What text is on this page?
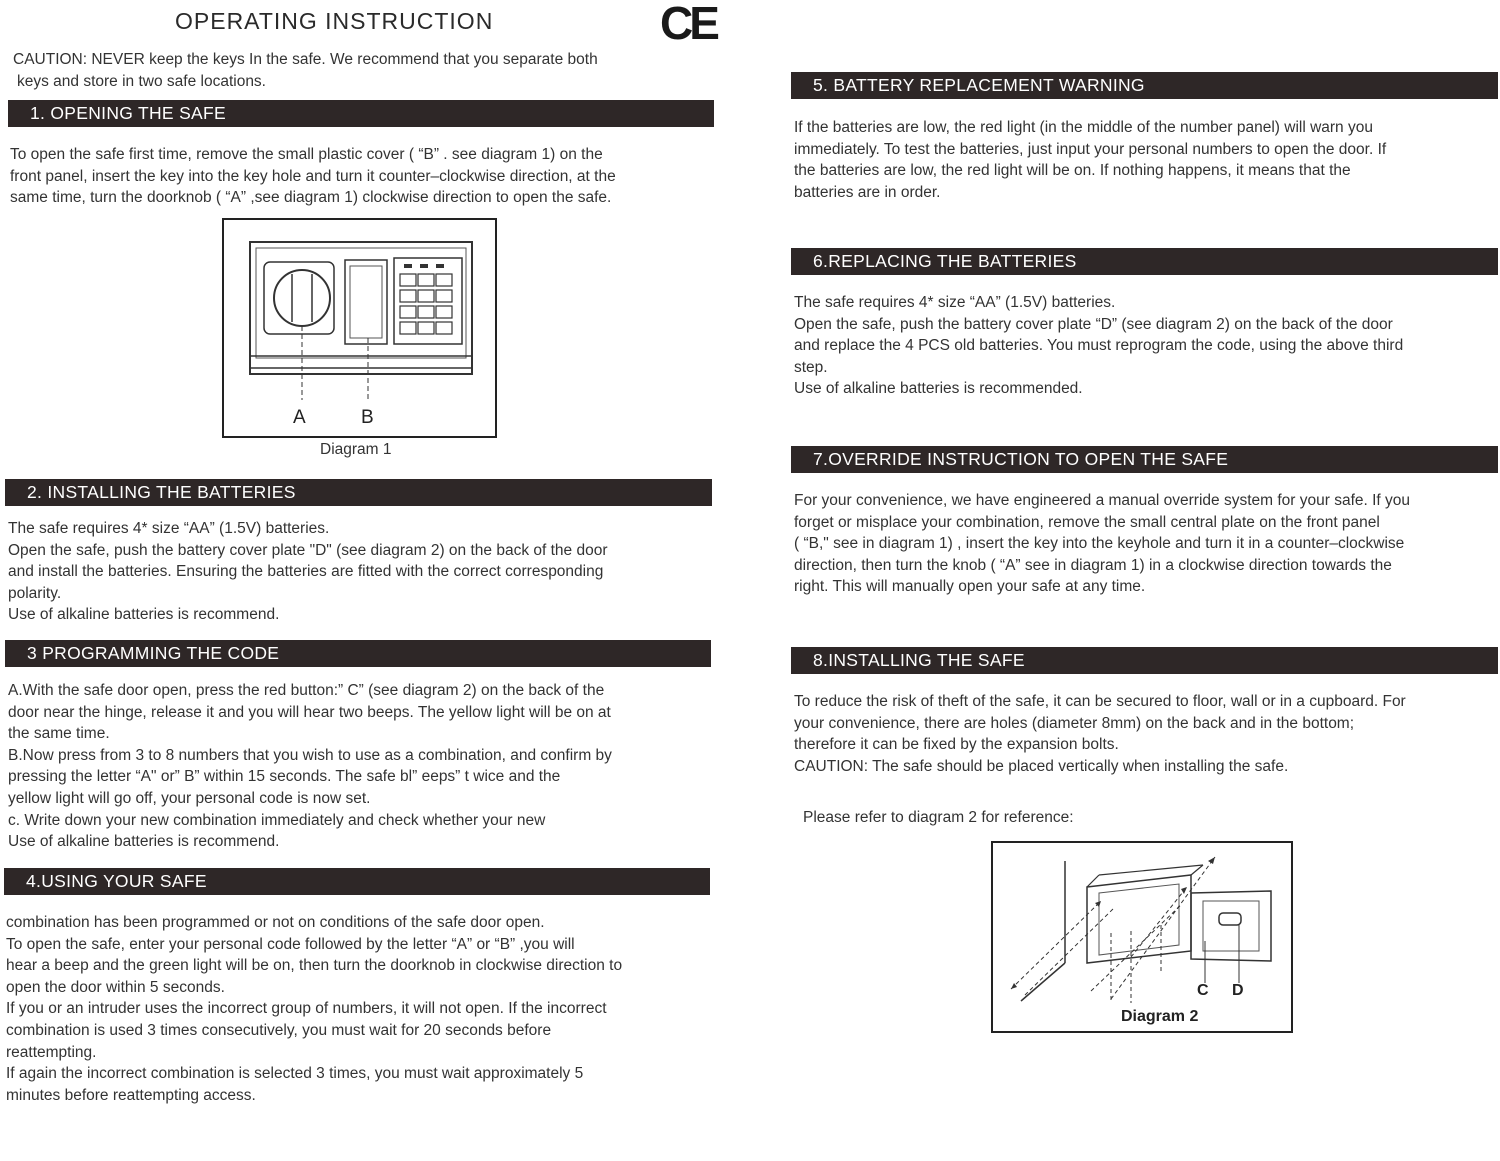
OPERATING INSTRUCTION	CE

CAUTION: NEVER keep the keys In the safe. We recommend that you separate both

keys and store in two safe locations.

1. OPENING THE SAFE

To open the safe first time, remove the small plastic cover ( “B” . see diagram 1) on the

front panel, insert the key into the key hole and turn it counter–clockwise direction, at the

same time, turn the doorknob ( “A” ,see diagram 1) clockwise direction to open the safe.

A	B
Diagram 1
2. INSTALLING THE BATTERIES

The safe requires 4* size “AA” (1.5V) batteries.

Open the safe, push the battery cover plate "D" (see diagram 2) on the back of the door

and install the batteries. Ensuring the batteries are fitted with the correct corresponding

polarity.

Use of alkaline batteries is recommend.

3 PROGRAMMING THE CODE

A.With the safe door open, press the red button:” C” (see diagram 2) on the back of the

door near the hinge, release it and you will hear two beeps. The yellow light will be on at

the same time.

B.Now press from 3 to 8 numbers that you wish to use as a combination, and confirm by

pressing the letter “A" or” B” within 15 seconds. The safe bl” eeps” t wice and the

yellow light will go off, your personal code is now set.

c. Write down your new combination immediately and check whether your new

Use of alkaline batteries is recommend.

4.USING YOUR SAFE

combination has been programmed or not on conditions of the safe door open.

To open the safe, enter your personal code followed by the letter “A” or “B” ,you will

hear a beep and the green light will be on, then turn the doorknob in clockwise direction to

open the door within 5 seconds.

If you or an intruder uses the incorrect group of numbers, it will not open. If the incorrect

combination is used 3 times consecutively, you must wait for 20 seconds before

reattempting.

If again the incorrect combination is selected 3 times, you must wait approximately 5

minutes before reattempting access.

5. BATTERY REPLACEMENT WARNING

If the batteries are low, the red light (in the middle of the number panel) will warn you

immediately. To test the batteries, just input your personal numbers to open the door. If

the batteries are low, the red light will be on. If nothing happens, it means that the

batteries are in order.

6.REPLACING THE BATTERIES

The safe requires 4* size “AA” (1.5V) batteries.

Open the safe, push the battery cover plate “D” (see diagram 2) on the back of the door

and replace the 4 PCS old batteries. You must reprogram the code, using the above third

step.

Use of alkaline batteries is recommended.

7.OVERRIDE INSTRUCTION TO OPEN THE SAFE

For your convenience, we have engineered a manual override system for your safe. If you

forget or misplace your combination, remove the small central plate on the front panel

( “B," see in diagram 1) , insert the key into the keyhole and turn it in a counter–clockwise

direction, then turn the knob ( “A” see in diagram 1) in a clockwise direction towards the

right. This will manually open your safe at any time.

8.INSTALLING THE SAFE

To reduce the risk of theft of the safe, it can be secured to floor, wall or in a cupboard. For

your convenience, there are holes (diameter 8mm) on the back and in the bottom;

therefore it can be fixed by the expansion bolts.

CAUTION: The safe should be placed vertically when installing the safe.

Please refer to diagram 2 for reference:
C D
Diagram 2
